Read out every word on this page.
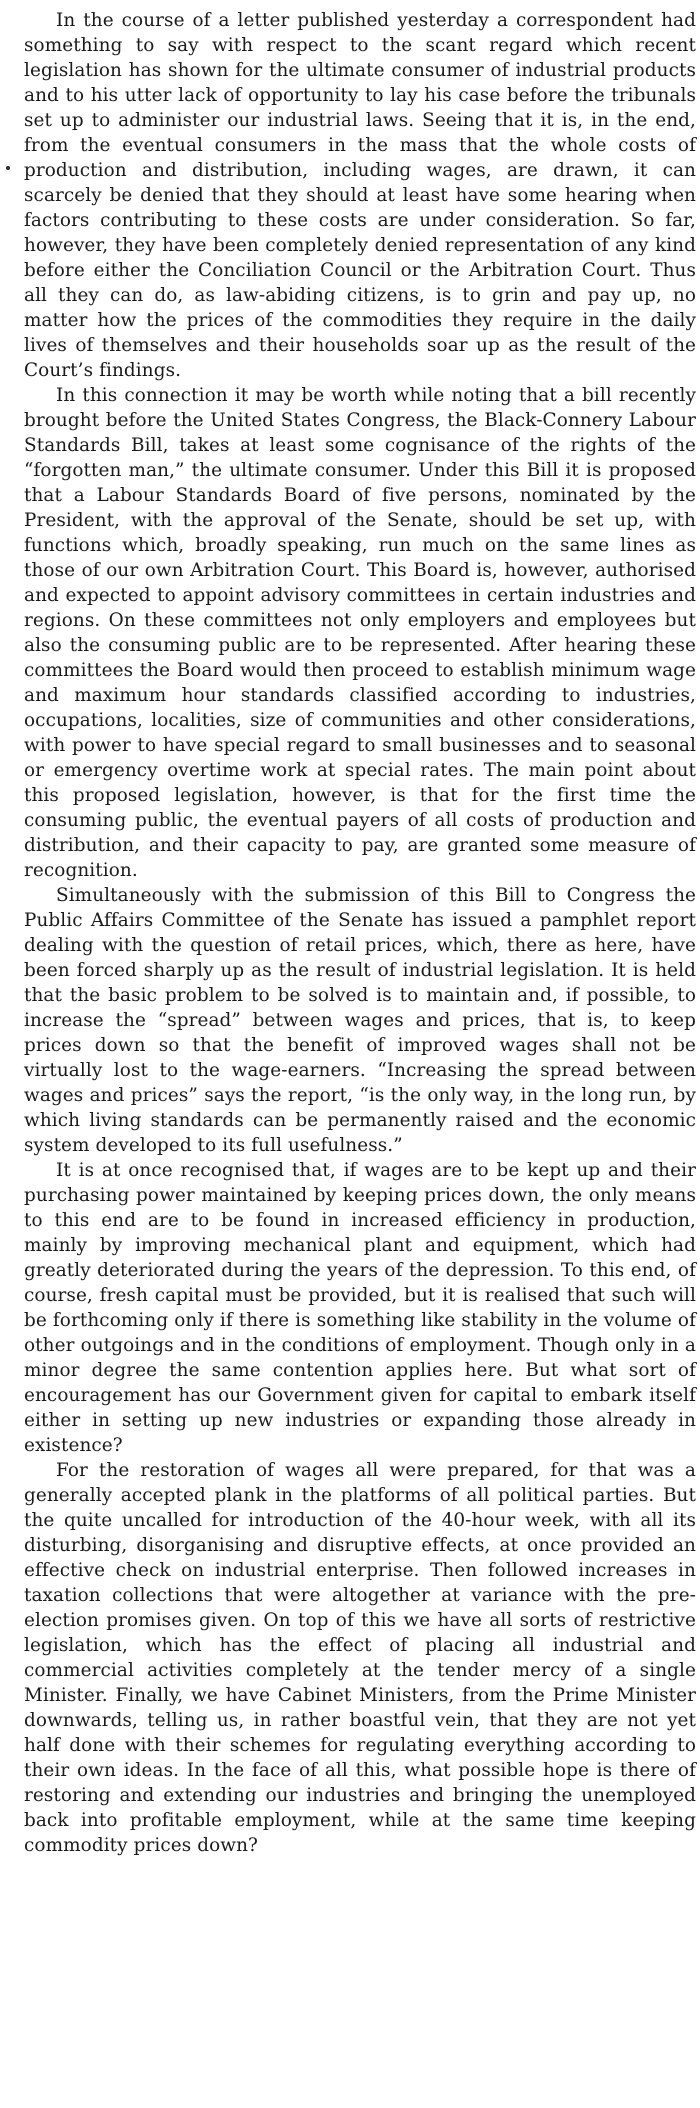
In the course of a letter published yesterday a correspondent had something to say with respect to the scant regard which recent legislation has shown for the ultimate consumer of industrial products and to his utter lack of opportunity to lay his case before the tribunals set up to administer our industrial laws. Seeing that it is, in the end, from the eventual consumers in the mass that the whole costs of production and distribution, including wages, are drawn, it can scarcely be denied that they should at least have some hearing when factors contributing to these costs are under consideration. So far, however, they have been completely denied representation of any kind before either the Conciliation Council or the Arbitration Court. Thus all they can do, as law-abiding citizens, is to grin and pay up, no matter how the prices of the commodities they require in the daily lives of themselves and their households soar up as the result of the Court’s findings.

In this connection it may be worth while noting that a bill recently brought before the United States Congress, the Black-Connery Labour Standards Bill, takes at least some cognisance of the rights of the “forgotten man,” the ultimate consumer. Under this Bill it is proposed that a Labour Standards Board of five persons, nominated by the President, with the approval of the Senate, should be set up, with functions which, broadly speaking, run much on the same lines as those of our own Arbitration Court. This Board is, however, authorised and expected to appoint advisory committees in certain industries and regions. On these committees not only employers and employees but also the consuming public are to be represented. After hearing these committees the Board would then proceed to establish minimum wage and maximum hour standards classified according to industries, occupations, localities, size of communities and other considerations, with power to have special regard to small businesses and to seasonal or emergency overtime work at special rates. The main point about this proposed legislation, however, is that for the first time the consuming public, the eventual payers of all costs of production and distribution, and their capacity to pay, are granted some measure of recognition.

Simultaneously with the submission of this Bill to Congress the Public Affairs Committee of the Senate has issued a pamphlet report dealing with the question of retail prices, which, there as here, have been forced sharply up as the result of industrial legislation. It is held that the basic problem to be solved is to maintain and, if possible, to increase the “spread” between wages and prices, that is, to keep prices down so that the benefit of improved wages shall not be virtually lost to the wage-earners. “Increasing the spread between wages and prices” says the report, “is the only way, in the long run, by which living standards can be permanently raised and the economic system developed to its full usefulness.”

It is at once recognised that, if wages are to be kept up and their purchasing power maintained by keeping prices down, the only means to this end are to be found in increased efficiency in production, mainly by improving mechanical plant and equipment, which had greatly deteriorated during the years of the depression. To this end, of course, fresh capital must be provided, but it is realised that such will be forthcoming only if there is something like stability in the volume of other outgoings and in the conditions of employment. Though only in a minor degree the same contention applies here. But what sort of encouragement has our Government given for capital to embark itself either in setting up new industries or expanding those already in existence?

For the restoration of wages all were prepared, for that was a generally accepted plank in the platforms of all political parties. But the quite uncalled for introduction of the 40-hour week, with all its disturbing, disorganising and disruptive effects, at once provided an effective check on industrial enterprise. Then followed increases in taxation collections that were altogether at variance with the pre-election promises given. On top of this we have all sorts of restrictive legislation, which has the effect of placing all industrial and commercial activities completely at the tender mercy of a single Minister. Finally, we have Cabinet Ministers, from the Prime Minister downwards, telling us, in rather boastful vein, that they are not yet half done with their schemes for regulating everything according to their own ideas. In the face of all this, what possible hope is there of restoring and extending our industries and bringing the unemployed back into profitable employment, while at the same time keeping commodity prices down?
